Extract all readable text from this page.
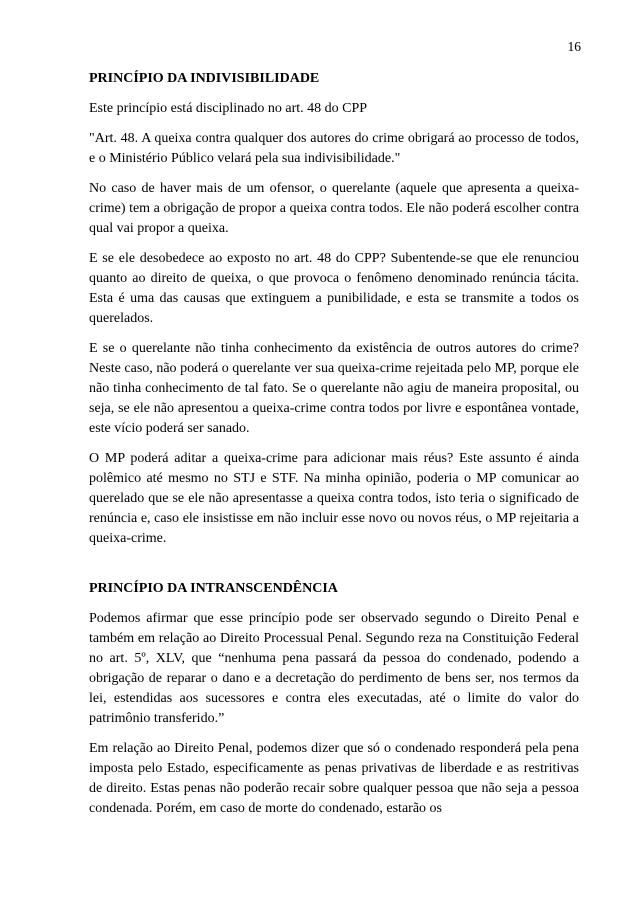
16
PRINCÍPIO DA INDIVISIBILIDADE

Este princípio está disciplinado no art. 48 do CPP

"Art. 48. A queixa contra qualquer dos autores do crime obrigará ao processo de todos, e o Ministério Público velará pela sua indivisibilidade."

No caso de haver mais de um ofensor, o querelante (aquele que apresenta a queixa-crime) tem a obrigação de propor a queixa contra todos. Ele não poderá escolher contra qual vai propor a queixa.

E se ele desobedece ao exposto no art. 48 do CPP? Subentende-se que ele renunciou quanto ao direito de queixa, o que provoca o fenômeno denominado renúncia tácita. Esta é uma das causas que extinguem a punibilidade, e esta se transmite a todos os querelados.

E se o querelante não tinha conhecimento da existência de outros autores do crime? Neste caso, não poderá o querelante ver sua queixa-crime rejeitada pelo MP, porque ele não tinha conhecimento de tal fato. Se o querelante não agiu de maneira proposital, ou seja, se ele não apresentou a queixa-crime contra todos por livre e espontânea vontade, este vício poderá ser sanado.

O MP poderá aditar a queixa-crime para adicionar mais réus? Este assunto é ainda polêmico até mesmo no STJ e STF. Na minha opinião, poderia o MP comunicar ao querelado que se ele não apresentasse a queixa contra todos, isto teria o significado de renúncia e, caso ele insistisse em não incluir esse novo ou novos réus, o MP rejeitaria a queixa-crime.

PRINCÍPIO DA INTRANSCENDÊNCIA

Podemos afirmar que esse princípio pode ser observado segundo o Direito Penal e também em relação ao Direito Processual Penal. Segundo reza na Constituição Federal no art. 5º, XLV, que “nenhuma pena passará da pessoa do condenado, podendo a obrigação de reparar o dano e a decretação do perdimento de bens ser, nos termos da lei, estendidas aos sucessores e contra eles executadas, até o limite do valor do patrimônio transferido.”

Em relação ao Direito Penal, podemos dizer que só o condenado responderá pela pena imposta pelo Estado, especificamente as penas privativas de liberdade e as restritivas de direito. Estas penas não poderão recair sobre qualquer pessoa que não seja a pessoa condenada. Porém, em caso de morte do condenado, estarão os
